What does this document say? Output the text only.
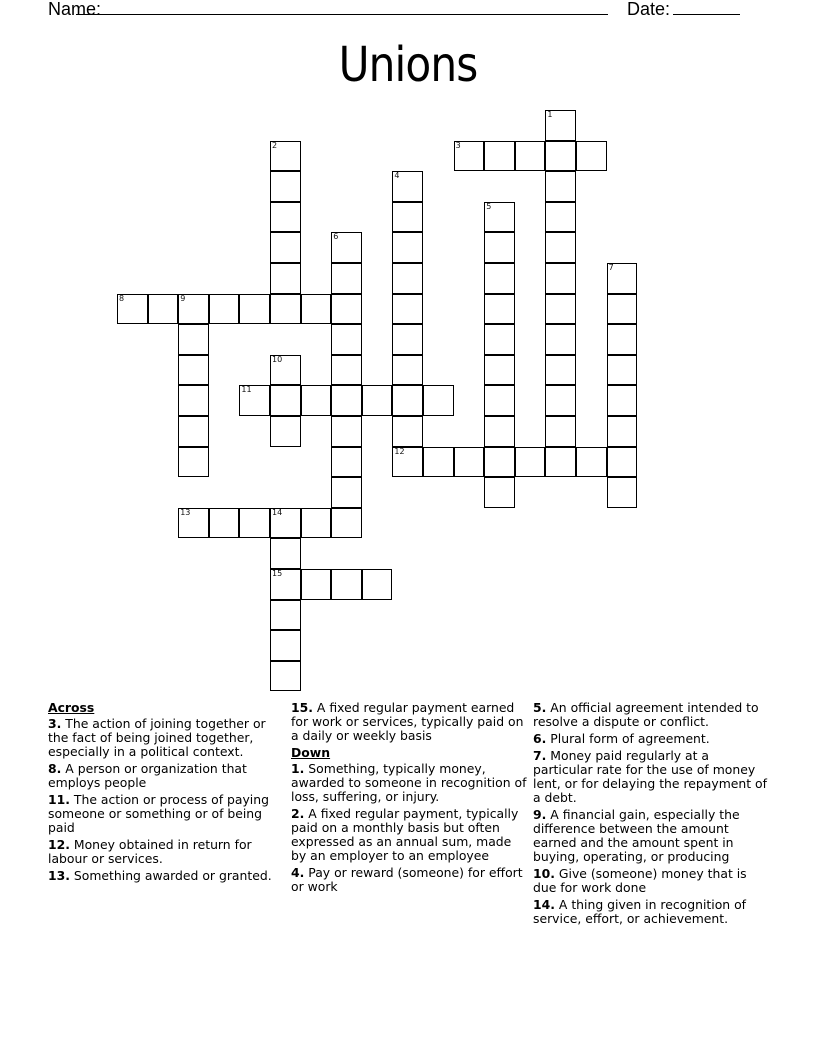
Name:	Date:
Unions
1
2	3
4
12
5
6
7
8	9
10
11
13	14
15
Across
3. The action of joining together or the fact of being joined together, especially in a political context.
8. A person or organization that employs people
11. The action or process of paying someone or something or of being paid
12. Money obtained in return for labour or services.
13. Something awarded or granted.
15. A fixed regular payment earned for work or services, typically paid on a daily or weekly basis
Down
1. Something, typically money, awarded to someone in recognition of loss, suffering, or injury.
2. A fixed regular payment, typically paid on a monthly basis but often expressed as an annual sum, made by an employer to an employee
4. Pay or reward (someone) for effort or work
5. An official agreement intended to resolve a dispute or conflict.
6. Plural form of agreement.
7. Money paid regularly at a particular rate for the use of money lent, or for delaying the repayment of a debt.
9. A financial gain, especially the difference between the amount earned and the amount spent in buying, operating, or producing
10. Give (someone) money that is due for work done
14. A thing given in recognition of service, effort, or achievement.
